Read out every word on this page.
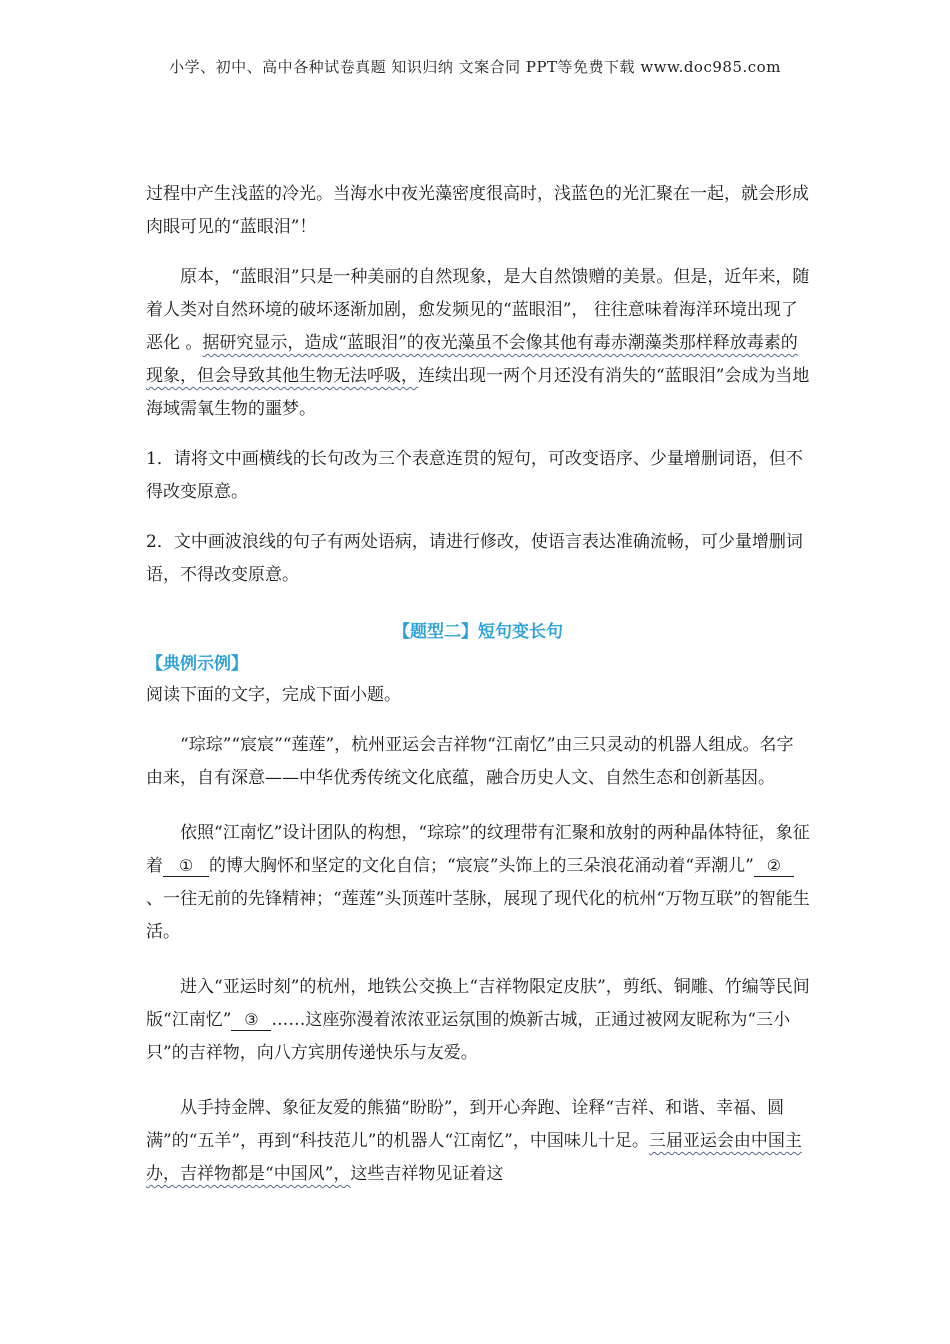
小学、初中、高中各种试卷真题 知识归纳 文案合同 PPT等免费下载 www.doc985.com

过程中产生浅蓝的冷光。当海水中夜光藻密度很高时，浅蓝色的光汇聚在一起，就会形成肉眼可见的“蓝眼泪”！

原本，“蓝眼泪”只是一种美丽的自然现象，是大自然馈赠的美景。但是，近年来，随着人类对自然环境的破坏逐渐加剧，愈发频见的“蓝眼泪”， 往往意味着海洋环境出现了恶化 。据研究显示，造成“蓝眼泪”的夜光藻虽不会像其他有毒赤潮藻类那样释放毒素的现象，但会导致其他生物无法呼吸，连续出现一两个月还没有消失的“蓝眼泪”会成为当地海域需氧生物的噩梦。

1．请将文中画横线的长句改为三个表意连贯的短句，可改变语序、少量增删词语，但不得改变原意。

2．文中画波浪线的句子有两处语病，请进行修改，使语言表达准确流畅，可少量增删词语，不得改变原意。

【题型二】短句变长句
【典例示例】

阅读下面的文字，完成下面小题。

“琮琮”“宸宸”“莲莲”，杭州亚运会吉祥物“江南忆”由三只灵动的机器人组成。名字由来，自有深意——中华优秀传统文化底蕴，融合历史人文、自然生态和创新基因。

依照“江南忆”设计团队的构想，“琮琮”的纹理带有汇聚和放射的两种晶体特征，象征着 ① 的博大胸怀和坚定的文化自信；“宸宸”头饰上的三朵浪花涌动着“弄潮儿” ②、一往无前的先锋精神；“莲莲”头顶莲叶茎脉，展现了现代化的杭州“万物互联”的智能生活。

进入“亚运时刻”的杭州，地铁公交换上“吉祥物限定皮肤”，剪纸、铜雕、竹编等民间版“江南忆” ③ ……这座弥漫着浓浓亚运氛围的焕新古城，正通过被网友昵称为“三小只”的吉祥物，向八方宾朋传递快乐与友爱。

从手持金牌、象征友爱的熊猫“盼盼”，到开心奔跑、诠释“吉祥、和谐、幸福、圆满”的“五羊”，再到“科技范儿”的机器人“江南忆”，中国味儿十足。三届亚运会由中国主办，吉祥物都是“中国风”，这些吉祥物见证着这
